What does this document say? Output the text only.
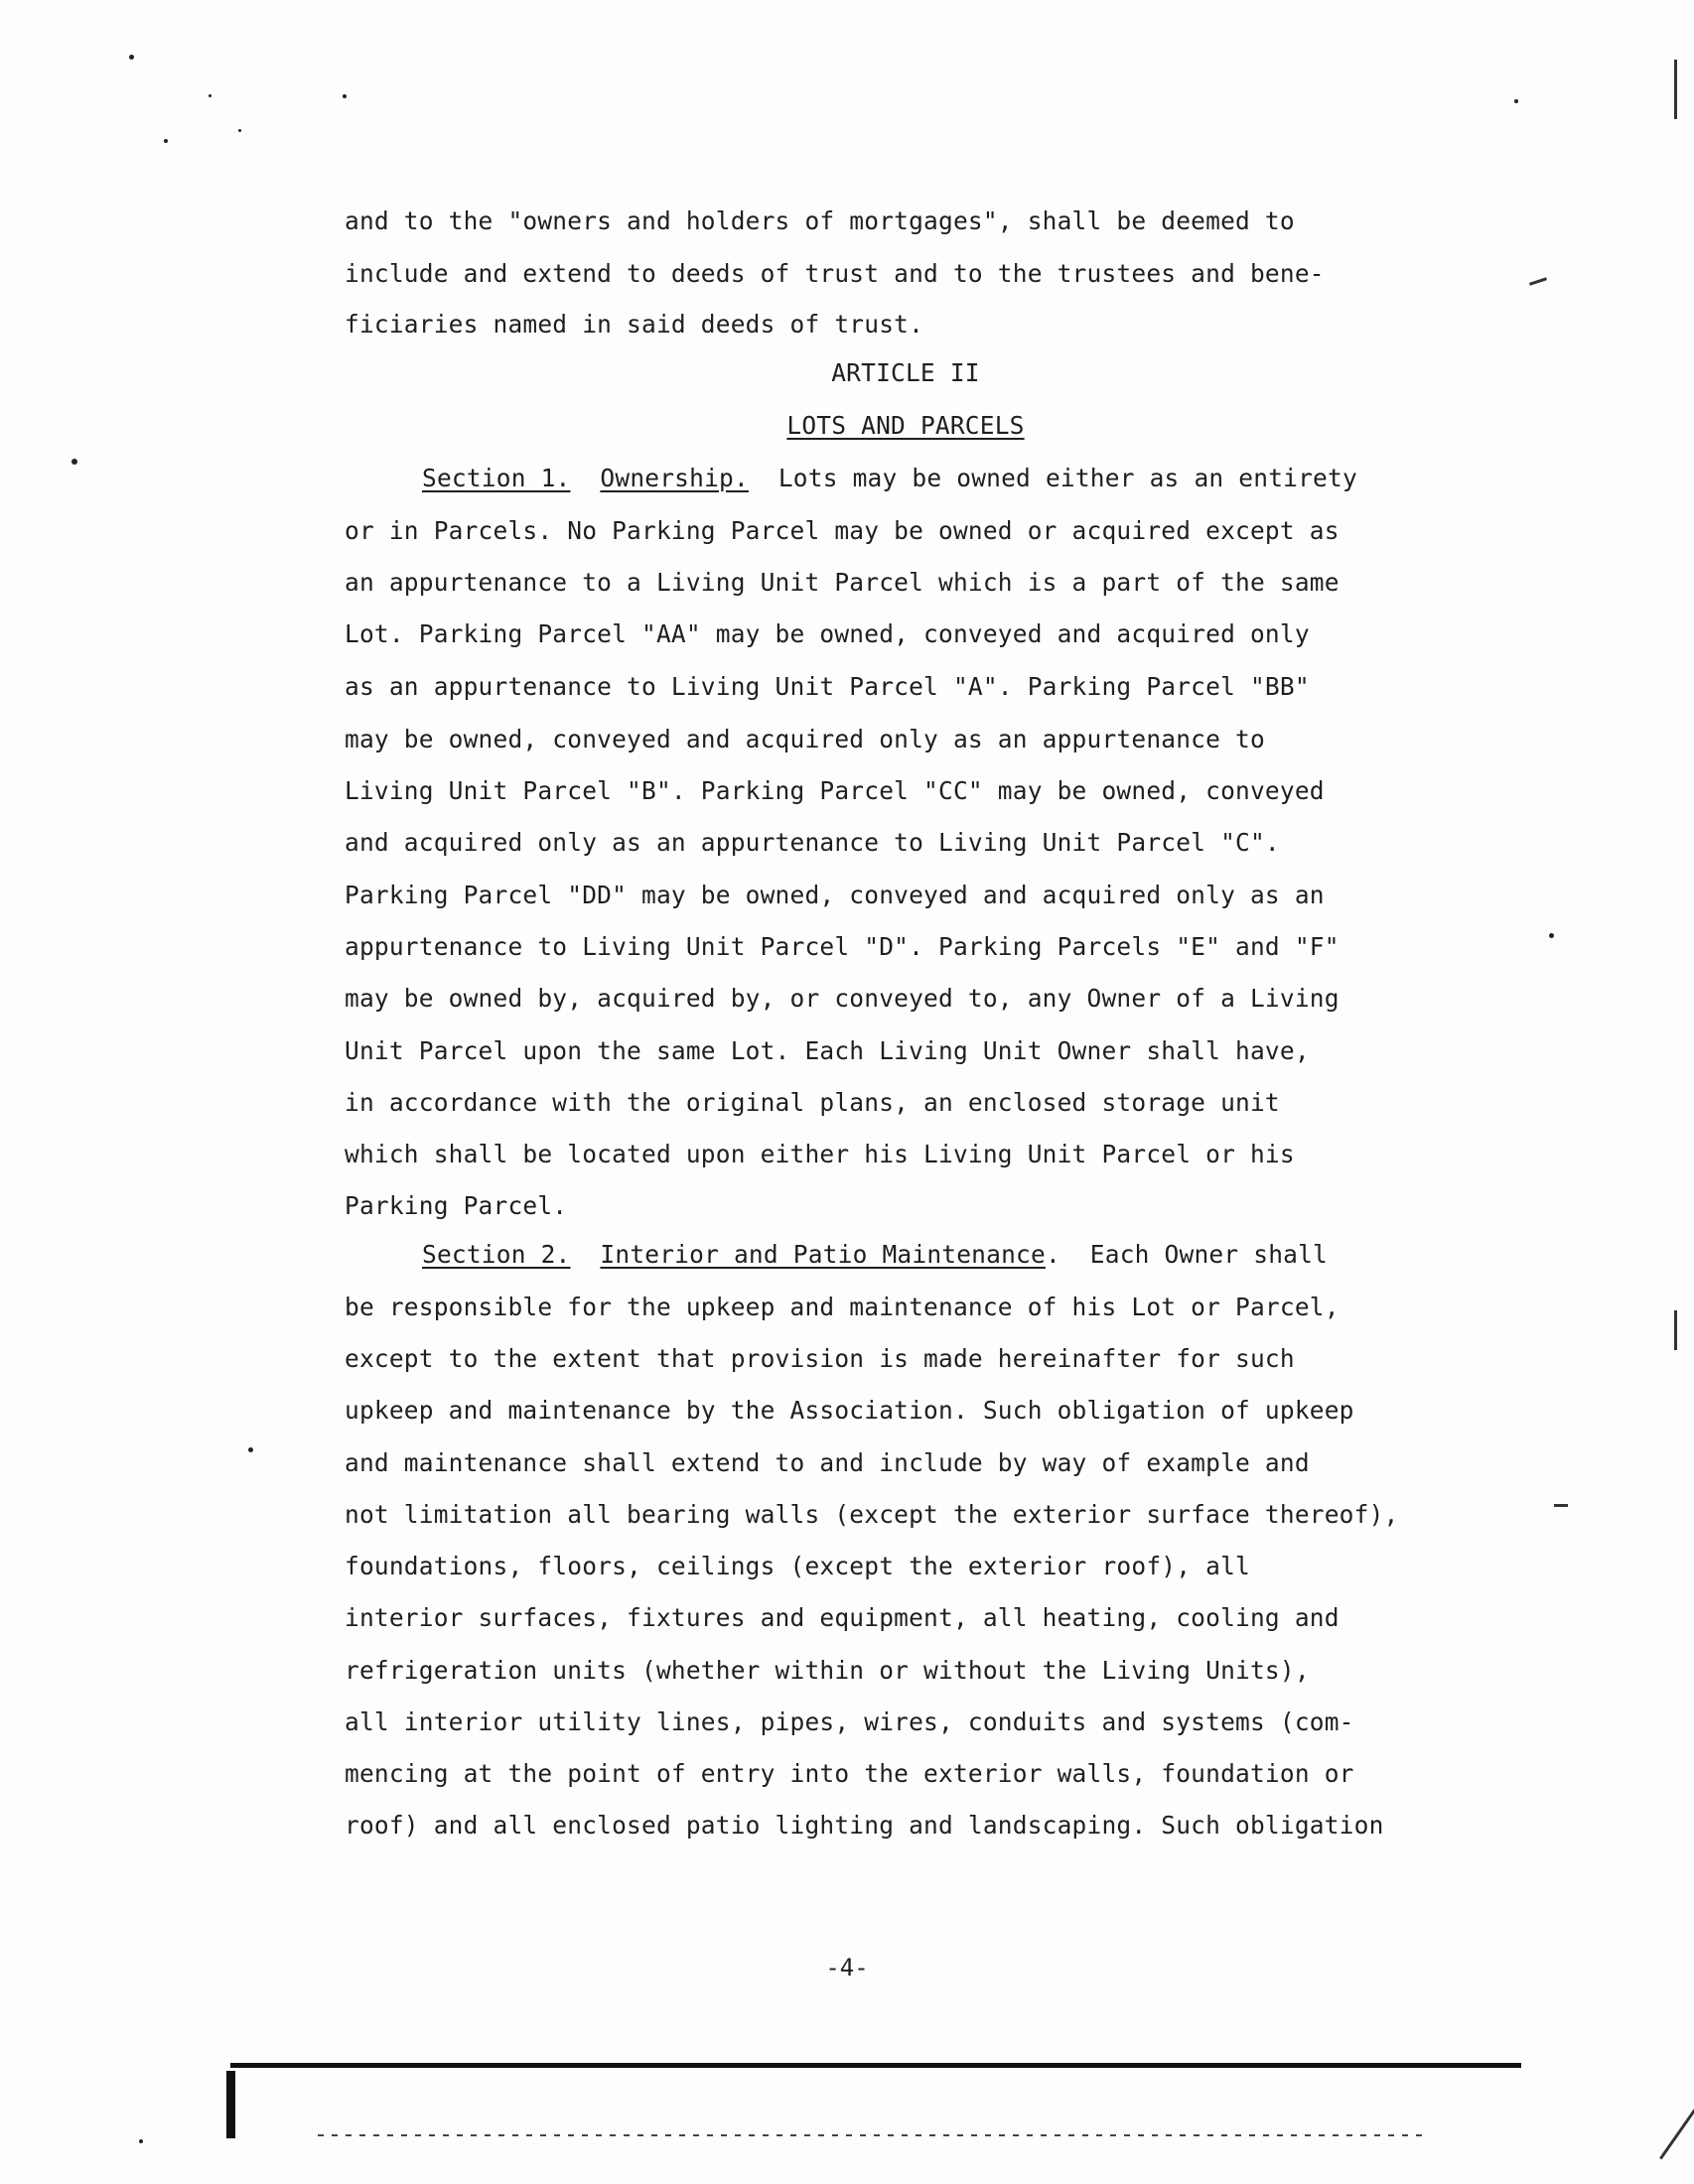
and to the "owners and holders of mortgages", shall be deemed to
include and extend to deeds of trust and to the trustees and bene-
ficiaries named in said deeds of trust.
ARTICLE II
LOTS AND PARCELS
Section 1. Ownership. Lots may be owned either as an entirety
or in Parcels. No Parking Parcel may be owned or acquired except as
an appurtenance to a Living Unit Parcel which is a part of the same
Lot. Parking Parcel "AA" may be owned, conveyed and acquired only
as an appurtenance to Living Unit Parcel "A". Parking Parcel "BB"
may be owned, conveyed and acquired only as an appurtenance to
Living Unit Parcel "B". Parking Parcel "CC" may be owned, conveyed
and acquired only as an appurtenance to Living Unit Parcel "C".
Parking Parcel "DD" may be owned, conveyed and acquired only as an
appurtenance to Living Unit Parcel "D". Parking Parcels "E" and "F"
may be owned by, acquired by, or conveyed to, any Owner of a Living
Unit Parcel upon the same Lot. Each Living Unit Owner shall have,
in accordance with the original plans, an enclosed storage unit
which shall be located upon either his Living Unit Parcel or his
Parking Parcel.
Section 2. Interior and Patio Maintenance. Each Owner shall
be responsible for the upkeep and maintenance of his Lot or Parcel,
except to the extent that provision is made hereinafter for such
upkeep and maintenance by the Association. Such obligation of upkeep
and maintenance shall extend to and include by way of example and
not limitation all bearing walls (except the exterior surface thereof),
foundations, floors, ceilings (except the exterior roof), all
interior surfaces, fixtures and equipment, all heating, cooling and
refrigeration units (whether within or without the Living Units),
all interior utility lines, pipes, wires, conduits and systems (com-
mencing at the point of entry into the exterior walls, foundation or
roof) and all enclosed patio lighting and landscaping. Such obligation
-4-
